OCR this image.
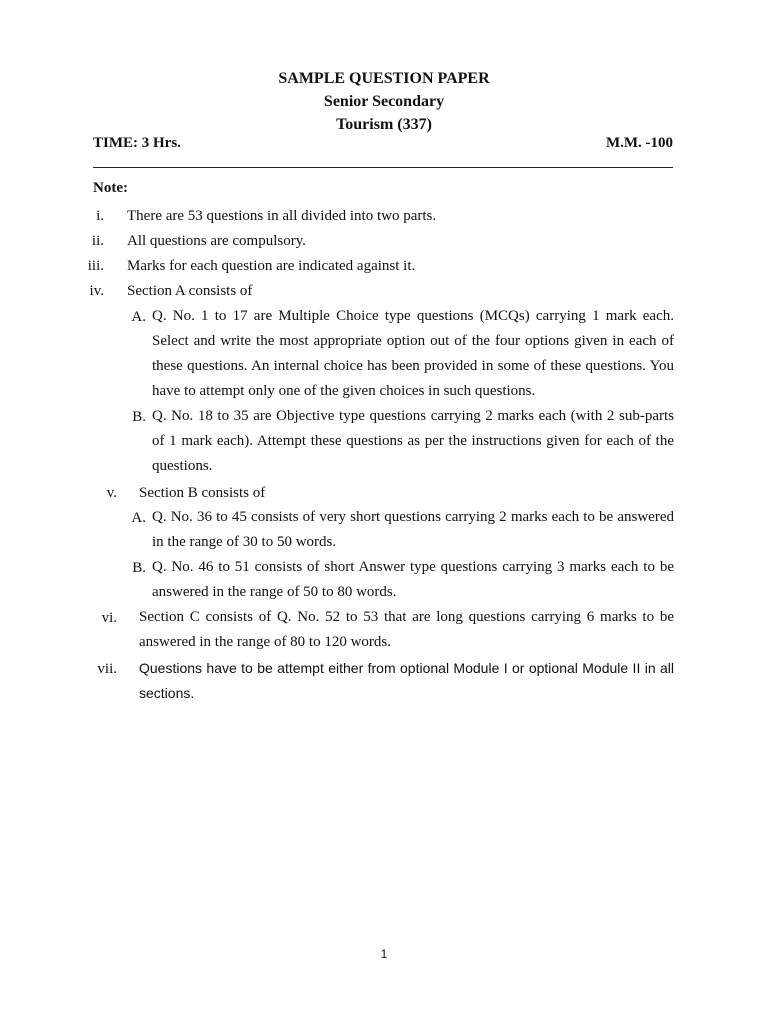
SAMPLE QUESTION PAPER
Senior Secondary
Tourism (337)
TIME: 3 Hrs.	M.M. -100
Note:
i. There are 53 questions in all divided into two parts.
ii. All questions are compulsory.
iii. Marks for each question are indicated against it.
iv. Section A consists of
A. Q. No. 1 to 17 are Multiple Choice type questions (MCQs) carrying 1 mark each. Select and write the most appropriate option out of the four options given in each of these questions. An internal choice has been provided in some of these questions. You have to attempt only one of the given choices in such questions.
B. Q. No. 18 to 35 are Objective type questions carrying 2 marks each (with 2 sub-parts of 1 mark each). Attempt these questions as per the instructions given for each of the questions.
v. Section B consists of
A. Q. No. 36 to 45 consists of very short questions carrying 2 marks each to be answered in the range of 30 to 50 words.
B. Q. No. 46 to 51 consists of short Answer type questions carrying 3 marks each to be answered in the range of 50 to 80 words.
vi. Section C consists of Q. No. 52 to 53 that are long questions carrying 6 marks to be answered in the range of 80 to 120 words.
vii. Questions have to be attempt either from optional Module I or optional Module II in all sections.
1
